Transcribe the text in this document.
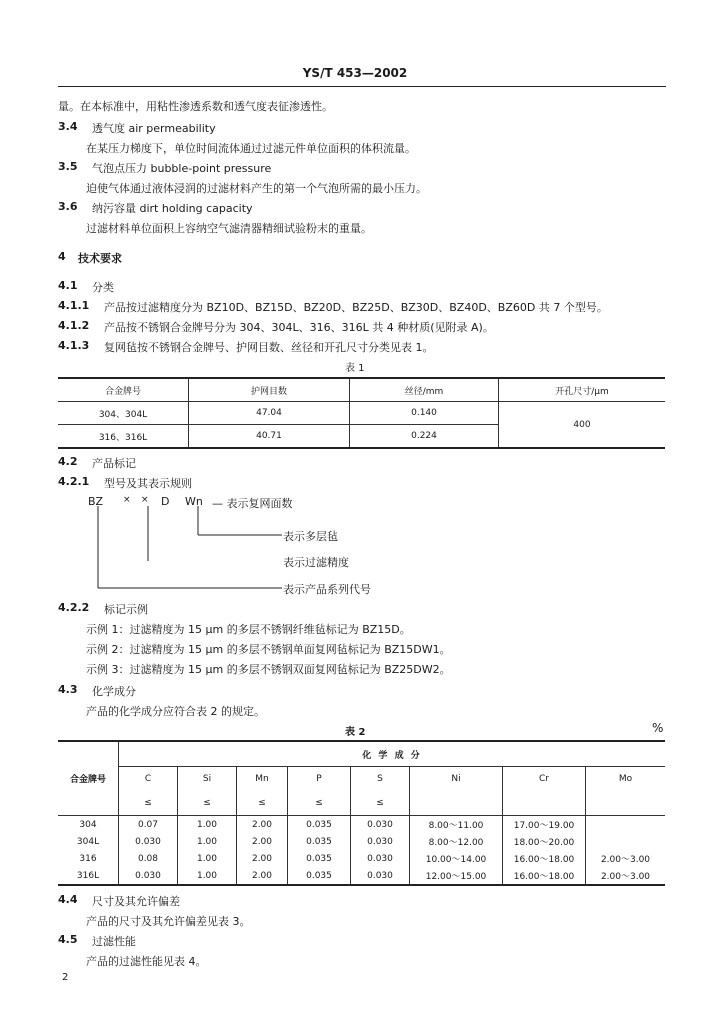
YS/T 453—2002
量。在本标准中，用粘性渗透系数和透气度表征渗透性。
3.4 透气度 air permeability
在某压力梯度下，单位时间流体通过过滤元件单位面积的体积流量。
3.5 气泡点压力 bubble-point pressure
迫使气体通过液体浸润的过滤材料产生的第一个气泡所需的最小压力。
3.6 纳污容量 dirt holding capacity
过滤材料单位面积上容纳空气滤清器精细试验粉末的重量。
4 技术要求
4.1 分类
4.1.1 产品按过滤精度分为 BZ10D、BZ15D、BZ20D、BZ25D、BZ30D、BZ40D、BZ60D 共 7 个型号。
4.1.2 产品按不锈钢合金牌号分为 304、304L、316、316L 共 4 种材质(见附录 A)。
4.1.3 复网毡按不锈钢合金牌号、护网目数、丝径和开孔尺寸分类见表 1。
表 1
合金牌号	护网目数	丝径/mm	开孔尺寸/μm
304、304L	47.04	0.140	400
316、316L	40.71	0.224	
4.2 产品标记
4.2.1 型号及其表示规则
BZ × × D Wn — 表示复网面数
表示多层毡
表示过滤精度
表示产品系列代号
4.2.2 标记示例
示例 1：过滤精度为 15 μm 的多层不锈钢纤维毡标记为 BZ15D。
示例 2：过滤精度为 15 μm 的多层不锈钢单面复网毡标记为 BZ15DW1。
示例 3：过滤精度为 15 μm 的多层不锈钢双面复网毡标记为 BZ25DW2。
4.3 化学成分
产品的化学成分应符合表 2 的规定。
表 2	%
合金牌号	化 学 成 分							
	C	Si	Mn	P	S	Ni	Cr	Mo
	≤	≤	≤	≤	≤			
304	0.07	1.00	2.00	0.035	0.030	8.00～11.00	17.00～19.00	
304L	0.030	1.00	2.00	0.035	0.030	8.00～12.00	18.00～20.00	
316	0.08	1.00	2.00	0.035	0.030	10.00～14.00	16.00～18.00	2.00～3.00
316L	0.030	1.00	2.00	0.035	0.030	12.00～15.00	16.00～18.00	2.00～3.00
4.4 尺寸及其允许偏差
产品的尺寸及其允许偏差见表 3。
4.5 过滤性能
产品的过滤性能见表 4。
2
